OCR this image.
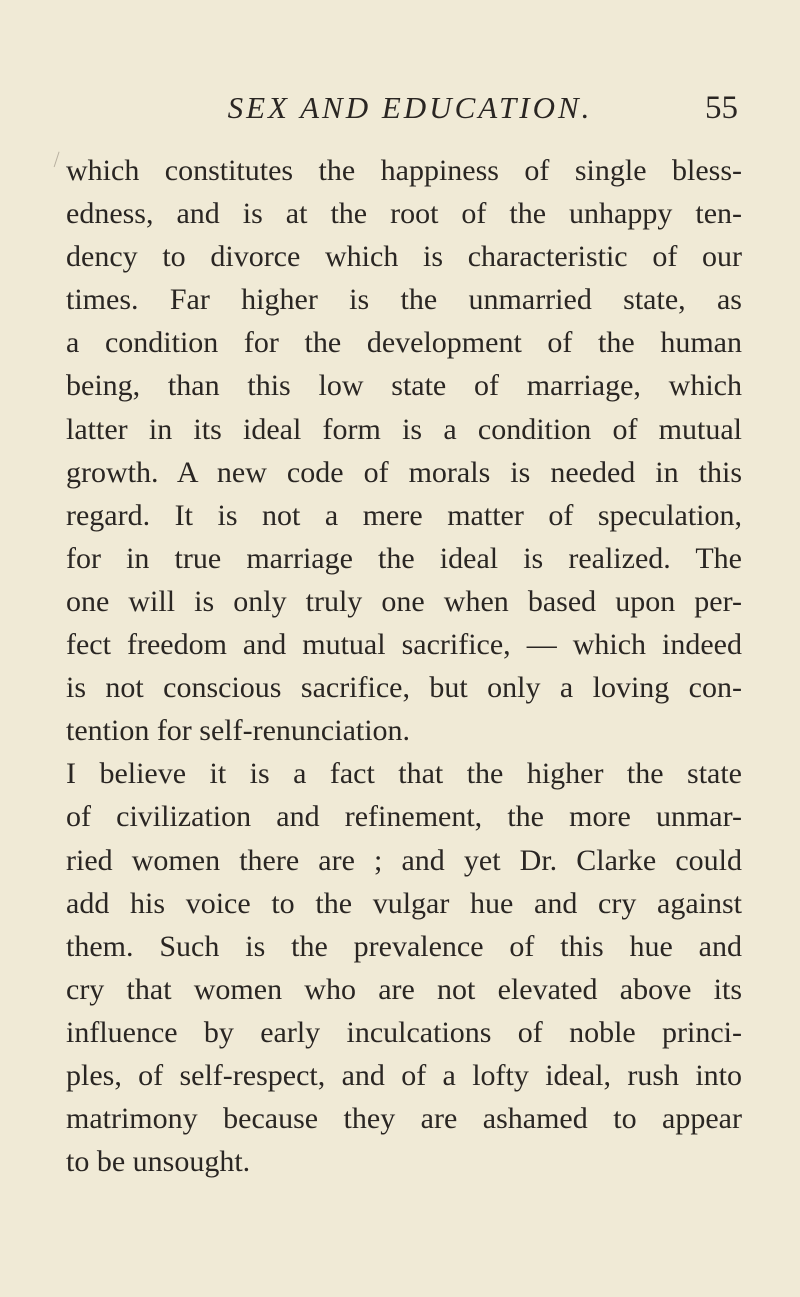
SEX AND EDUCATION.	55
which constitutes the happiness of single bless-
edness, and is at the root of the unhappy ten-
dency to divorce which is characteristic of our
times. Far higher is the unmarried state, as
a condition for the development of the human
being, than this low state of marriage, which
latter in its ideal form is a condition of mutual
growth. A new code of morals is needed in this
regard. It is not a mere matter of speculation,
for in true marriage the ideal is realized. The
one will is only truly one when based upon per-
fect freedom and mutual sacrifice, — which indeed
is not conscious sacrifice, but only a loving con-
tention for self-renunciation.
I believe it is a fact that the higher the state
of civilization and refinement, the more unmar-
ried women there are ; and yet Dr. Clarke could
add his voice to the vulgar hue and cry against
them. Such is the prevalence of this hue and
cry that women who are not elevated above its
influence by early inculcations of noble princi-
ples, of self-respect, and of a lofty ideal, rush into
matrimony because they are ashamed to appear
to be unsought.
